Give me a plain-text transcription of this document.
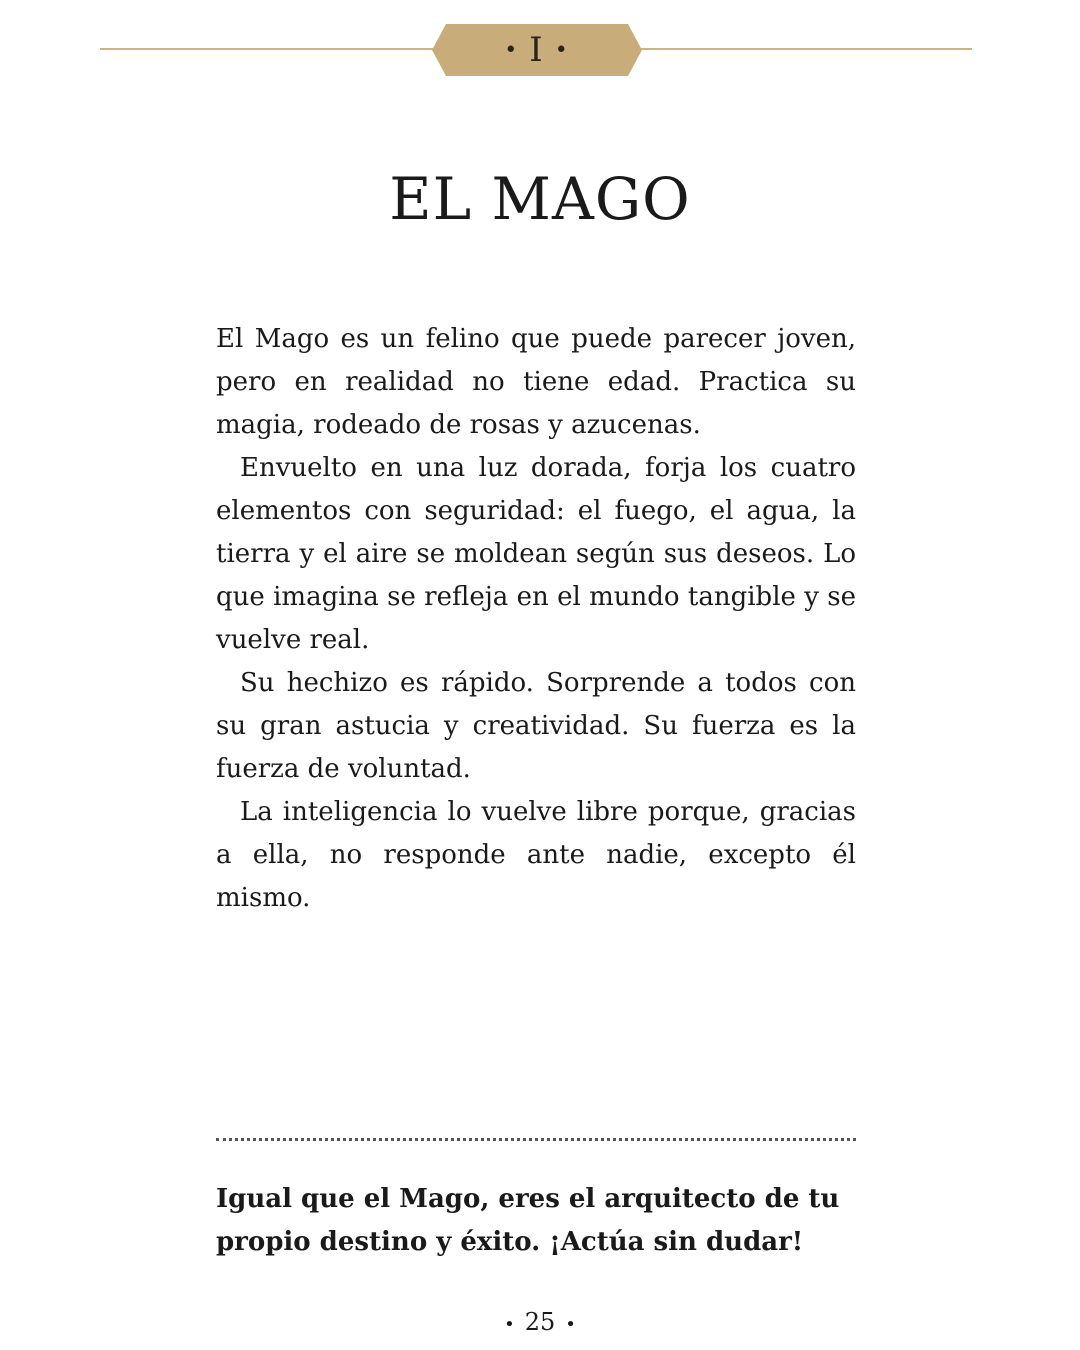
• I •
EL MAGO

El Mago es un felino que puede parecer joven, pero en realidad no tiene edad. Practica su magia, rodeado de rosas y azucenas.

Envuelto en una luz dorada, forja los cuatro elementos con seguridad: el fuego, el agua, la tierra y el aire se moldean según sus deseos. Lo que imagina se refleja en el mundo tangible y se vuelve real.

Su hechizo es rápido. Sorprende a todos con su gran astucia y creatividad. Su fuerza es la fuerza de voluntad.

La inteligencia lo vuelve libre porque, gracias a ella, no responde ante nadie, excepto él mismo.

Igual que el Mago, eres el arquitecto de tu propio destino y éxito. ¡Actúa sin dudar!

• 25 •
